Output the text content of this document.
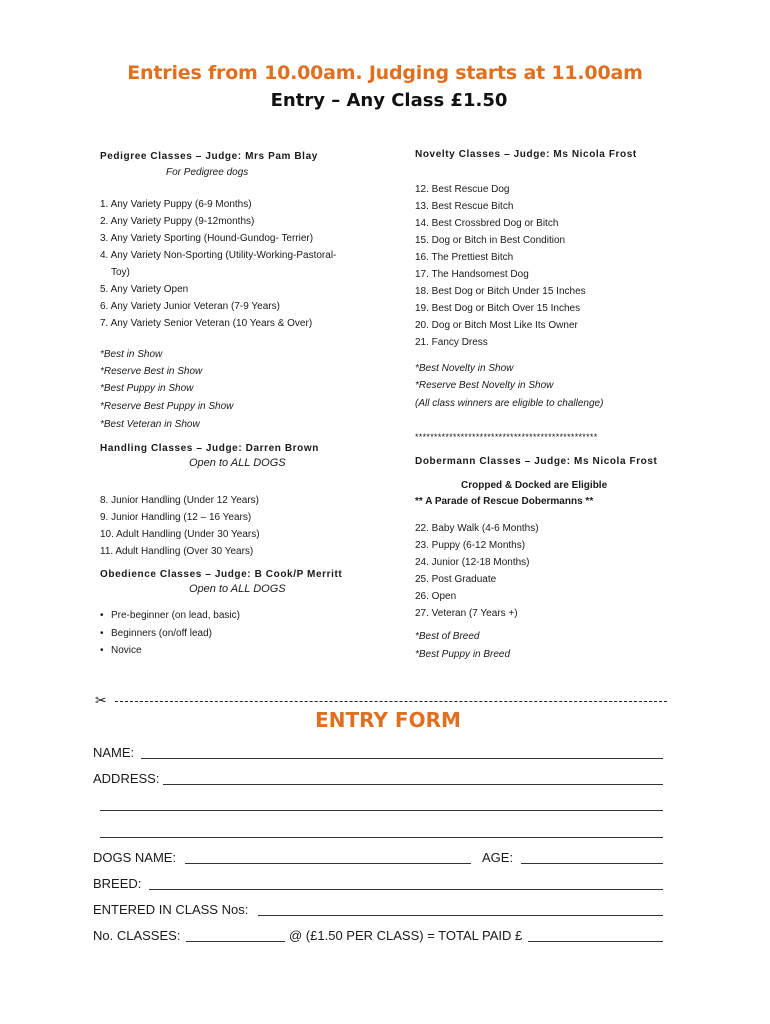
Entries from 10.00am. Judging starts at 11.00am
Entry – Any Class £1.50
Pedigree Classes – Judge: Mrs Pam Blay
For Pedigree dogs
1. Any Variety Puppy (6-9 Months)
2. Any Variety Puppy (9-12months)
3. Any Variety Sporting (Hound-Gundog- Terrier)
4. Any Variety Non-Sporting (Utility-Working-Pastoral-
Toy)
5. Any Variety Open
6. Any Variety Junior Veteran (7-9 Years)
7. Any Variety Senior Veteran (10 Years & Over)
*Best in Show
*Reserve Best in Show
*Best Puppy in Show
*Reserve Best Puppy in Show
*Best Veteran in Show
Handling Classes – Judge: Darren Brown
Open to ALL DOGS
8. Junior Handling (Under 12 Years)
9. Junior Handling (12 – 16 Years)
10. Adult Handling (Under 30 Years)
11. Adult Handling (Over 30 Years)
Obedience Classes – Judge: B Cook/P Merritt
Open to ALL DOGS
• Pre-beginner (on lead, basic)
• Beginners (on/off lead)
• Novice
Novelty Classes – Judge: Ms Nicola Frost
12. Best Rescue Dog
13. Best Rescue Bitch
14. Best Crossbred Dog or Bitch
15. Dog or Bitch in Best Condition
16. The Prettiest Bitch
17. The Handsomest Dog
18. Best Dog or Bitch Under 15 Inches
19. Best Dog or Bitch Over 15 Inches
20. Dog or Bitch Most Like Its Owner
21. Fancy Dress
*Best Novelty in Show
*Reserve Best Novelty in Show
(All class winners are eligible to challenge)
************************************************
Dobermann Classes – Judge: Ms Nicola Frost
Cropped & Docked are Eligible
** A Parade of Rescue Dobermanns **
22. Baby Walk (4-6 Months)
23. Puppy (6-12 Months)
24. Junior (12-18 Months)
25. Post Graduate
26. Open
27. Veteran (7 Years +)
*Best of Breed
*Best Puppy in Breed
✂
ENTRY FORM
NAME:
ADDRESS:
DOGS NAME:	AGE:
BREED:
ENTERED IN CLASS Nos:
No. CLASSES:	@ (£1.50 PER CLASS) = TOTAL PAID £
